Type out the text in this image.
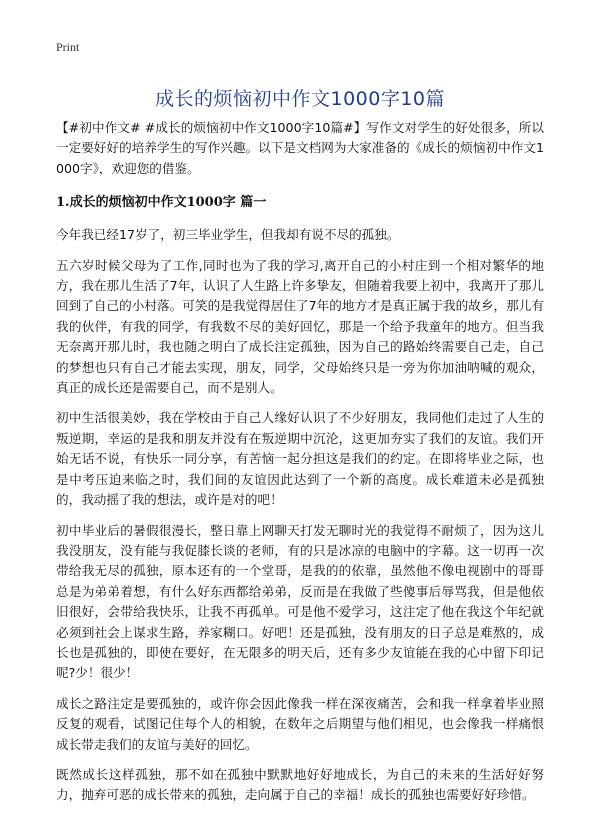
Print
成长的烦恼初中作文1000字10篇

【#初中作文# #成长的烦恼初中作文1000字10篇#】写作文对学生的好处很多，所以一定要好好的培养学生的写作兴趣。以下是文档网为大家准备的《成长的烦恼初中作文1000字》，欢迎您的借鉴。

1.成长的烦恼初中作文1000字 篇一

今年我已经17岁了，初三毕业学生，但我却有说不尽的孤独。

五六岁时候父母为了工作,同时也为了我的学习,离开自己的小村庄到一个相对繁华的地方，我在那儿生活了7年，认识了人生路上许多挚友，但随着我要上初中，我离开了那儿回到了自己的小村落。可笑的是我觉得居住了7年的地方才是真正属于我的故乡，那儿有我的伙伴，有我的同学，有我数不尽的美好回忆，那是一个给予我童年的地方。但当我无奈离开那儿时，我也随之明白了成长注定孤独，因为自己的路始终需要自己走，自己的梦想也只有自己才能去实现，朋友，同学，父母始终只是一旁为你加油呐喊的观众，真正的成长还是需要自己，而不是别人。

初中生活很美妙，我在学校由于自己人缘好认识了不少好朋友，我同他们走过了人生的叛逆期，幸运的是我和朋友并没有在叛逆期中沉沦，这更加夯实了我们的友谊。我们开始无话不说，有快乐一同分享，有苦恼一起分担这是我们的约定。在即将毕业之际，也是中考压迫来临之时，我们间的友谊因此达到了一个新的高度。成长难道未必是孤独的，我动摇了我的想法，或许是对的吧！

初中毕业后的暑假很漫长，整日靠上网聊天打发无聊时光的我觉得不耐烦了，因为这儿我没朋友，没有能与我促膝长谈的老师，有的只是冰凉的电脑中的字幕。这一切再一次带给我无尽的孤独，原本还有的一个堂哥，是我的的依靠，虽然他不像电视剧中的哥哥总是为弟弟着想，有什么好东西都给弟弟，反而是在我做了些傻事后辱骂我，但是他依旧很好，会带给我快乐，让我不再孤单。可是他不爱学习，这注定了他在我这个年纪就必须到社会上谋求生路，养家糊口。好吧！还是孤独，没有朋友的日子总是难熬的，成长也是孤独的，即使在要好，在无限多的明天后，还有多少友谊能在我的心中留下印记呢?少！很少！

成长之路注定是要孤独的，或许你会因此像我一样在深夜痛苦，会和我一样拿着毕业照反复的观看，试图记住每个人的相貌，在数年之后期望与他们相见，也会像我一样痛恨成长带走我们的友谊与美好的回忆。

既然成长这样孤独，那不如在孤独中默默地好好地成长，为自己的未来的生活好好努力，抛弃可恶的成长带来的孤独，走向属于自己的幸福！成长的孤独也需要好好珍惜。
